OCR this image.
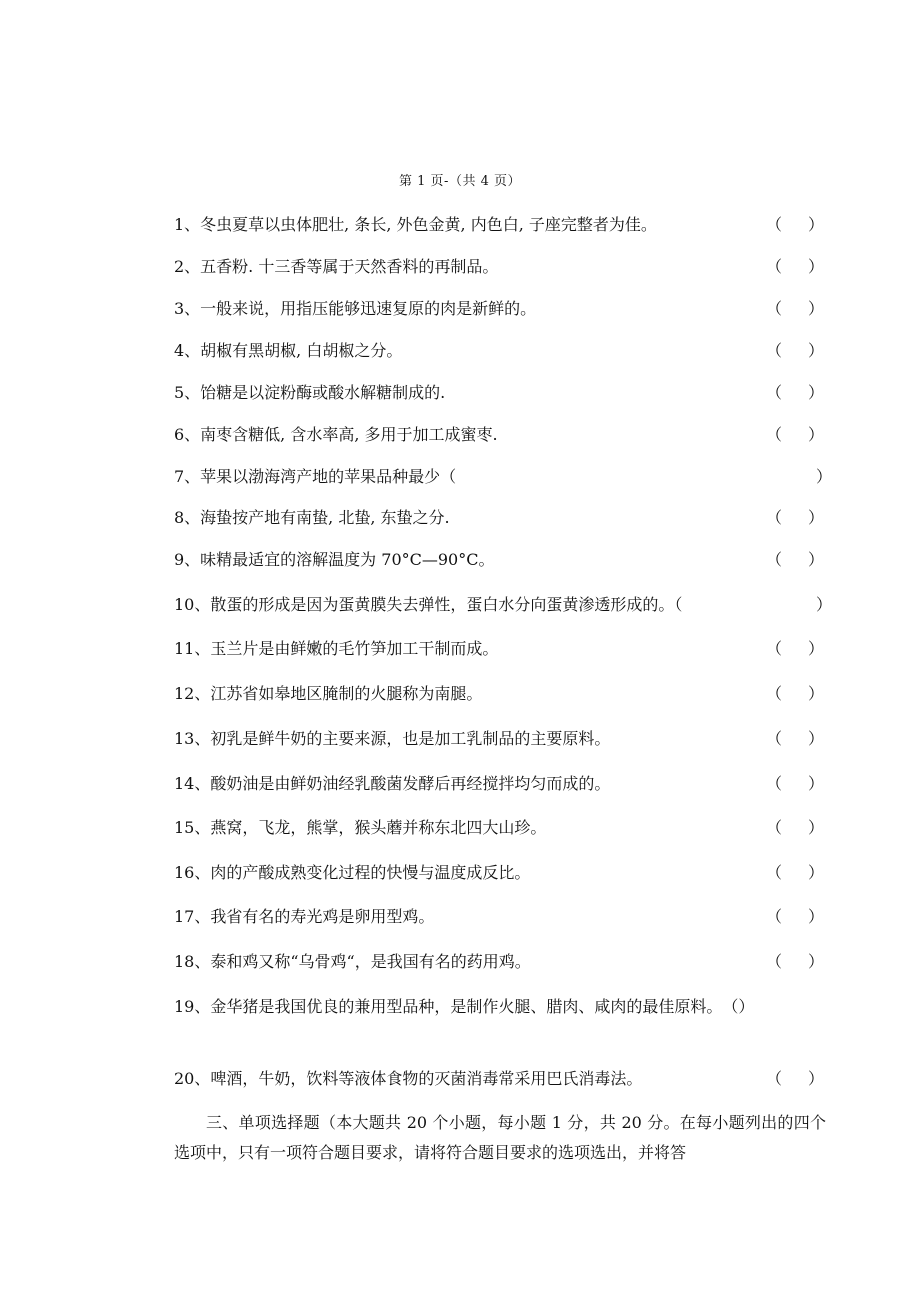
第 1 页-（共 4 页）
1、冬虫夏草以虫体肥壮, 条长, 外色金黄, 内色白, 子座完整者为佳。	（ ）
2、五香粉. 十三香等属于天然香料的再制品。	（ ）
3、一般来说，用指压能够迅速复原的肉是新鲜的。	（ ）
4、胡椒有黑胡椒, 白胡椒之分。	（ ）
5、饴糖是以淀粉酶或酸水解糖制成的.	（ ）
6、南枣含糖低, 含水率高, 多用于加工成蜜枣.	（ ）
7、苹果以渤海湾产地的苹果品种最少（	）
8、海蛰按产地有南蛰, 北蛰, 东蛰之分.	（ ）
9、味精最适宜的溶解温度为 70°C—90°C。	（ ）
10、散蛋的形成是因为蛋黄膜失去弹性，蛋白水分向蛋黄渗透形成的。（	）
11、玉兰片是由鲜嫩的毛竹笋加工干制而成。	（ ）
12、江苏省如皋地区腌制的火腿称为南腿。	（ ）
13、初乳是鲜牛奶的主要来源，也是加工乳制品的主要原料。	（ ）
14、酸奶油是由鲜奶油经乳酸菌发酵后再经搅拌均匀而成的。	（ ）
15、燕窝，飞龙，熊掌，猴头蘑并称东北四大山珍。	（ ）
16、肉的产酸成熟变化过程的快慢与温度成反比。	（ ）
17、我省有名的寿光鸡是卵用型鸡。	（ ）
18、泰和鸡又称“乌骨鸡“，是我国有名的药用鸡。	（ ）
19、金华猪是我国优良的兼用型品种，是制作火腿、腊肉、咸肉的最佳原料。（）
20、啤酒，牛奶，饮料等液体食物的灭菌消毒常采用巴氏消毒法。	（ ）
三、单项选择题（本大题共 20 个小题，每小题 1 分，共 20 分。在每小题列出的四个选项中，只有一项符合题目要求，请将符合题目要求的选项选出，并将答
